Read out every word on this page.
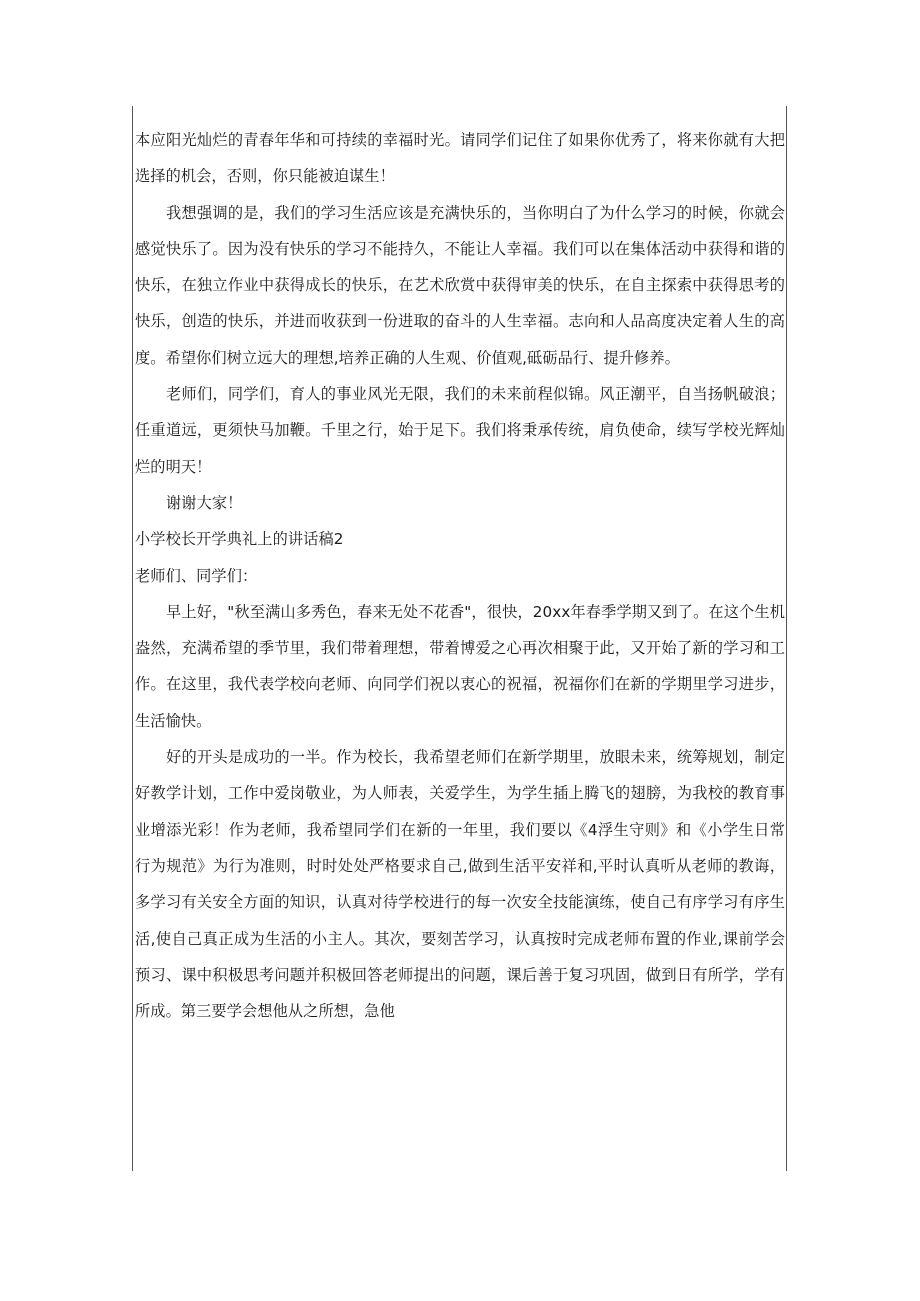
本应阳光灿烂的青春年华和可持续的幸福时光。请同学们记住了如果你优秀了，将来你就有大把选择的机会，否则，你只能被迫谋生！

我想强调的是，我们的学习生活应该是充满快乐的，当你明白了为什么学习的时候，你就会感觉快乐了。因为没有快乐的学习不能持久，不能让人幸福。我们可以在集体活动中获得和谐的快乐，在独立作业中获得成长的快乐，在艺术欣赏中获得审美的快乐，在自主探索中获得思考的快乐，创造的快乐，并进而收获到一份进取的奋斗的人生幸福。志向和人品高度决定着人生的高度。希望你们树立远大的理想,培养正确的人生观、价值观,砥砺品行、提升修养。

老师们，同学们，育人的事业风光无限，我们的未来前程似锦。风正潮平，自当扬帆破浪；任重道远，更须快马加鞭。千里之行，始于足下。我们将秉承传统，肩负使命，续写学校光辉灿烂的明天！

谢谢大家！

小学校长开学典礼上的讲话稿2

老师们、同学们：

早上好，"秋至满山多秀色，春来无处不花香"，很快，20xx年春季学期又到了。在这个生机盎然，充满希望的季节里，我们带着理想，带着博爱之心再次相聚于此，又开始了新的学习和工作。在这里，我代表学校向老师、向同学们祝以衷心的祝福，祝福你们在新的学期里学习进步，生活愉快。

好的开头是成功的一半。作为校长，我希望老师们在新学期里，放眼未来，统筹规划，制定好教学计划，工作中爱岗敬业，为人师表，关爱学生，为学生插上腾飞的翅膀，为我校的教育事业增添光彩！作为老师，我希望同学们在新的一年里，我们要以《4浮生守则》和《小学生日常行为规范》为行为准则，时时处处严格要求自己,做到生活平安祥和,平时认真听从老师的教诲，多学习有关安全方面的知识，认真对待学校进行的每一次安全技能演练，使自己有序学习有序生活,使自己真正成为生活的小主人。其次，要刻苦学习，认真按时完成老师布置的作业,课前学会预习、课中积极思考问题并积极回答老师提出的问题，课后善于复习巩固，做到日有所学，学有所成。第三要学会想他从之所想，急他
